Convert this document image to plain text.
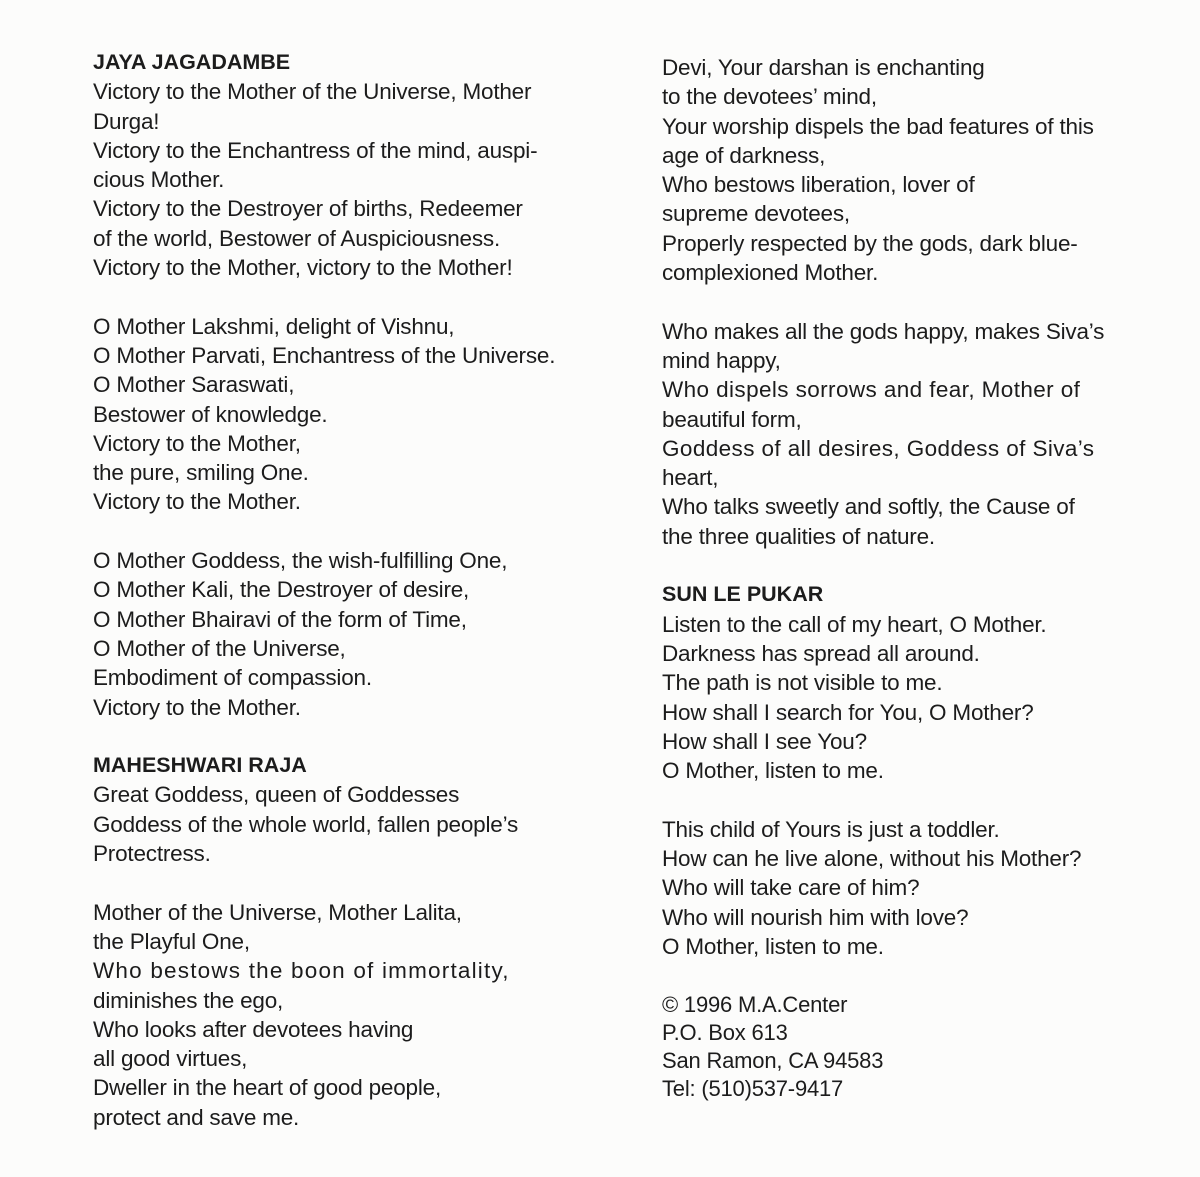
JAYA JAGADAMBE
Victory to the Mother of the Universe, Mother
Durga!
Victory to the Enchantress of the mind, auspi-
cious Mother.
Victory to the Destroyer of births, Redeemer
of the world, Bestower of Auspiciousness.
Victory to the Mother, victory to the Mother!
O Mother Lakshmi, delight of Vishnu,
O Mother Parvati, Enchantress of the Universe.
O Mother Saraswati,
Bestower of knowledge.
Victory to the Mother,
the pure, smiling One.
Victory to the Mother.
O Mother Goddess, the wish-fulfilling One,
O Mother Kali, the Destroyer of desire,
O Mother Bhairavi of the form of Time,
O Mother of the Universe,
Embodiment of compassion.
Victory to the Mother.
MAHESHWARI RAJA
Great Goddess, queen of Goddesses
Goddess of the whole world, fallen people’s
Protectress.
Mother of the Universe, Mother Lalita,
the Playful One,
Who bestows the boon of immortality,
diminishes the ego,
Who looks after devotees having
all good virtues,
Dweller in the heart of good people,
protect and save me.
Devi, Your darshan is enchanting
to the devotees’ mind,
Your worship dispels the bad features of this
age of darkness,
Who bestows liberation, lover of
supreme devotees,
Properly respected by the gods, dark blue-
complexioned Mother.
Who makes all the gods happy, makes Siva’s
mind happy,
Who dispels sorrows and fear, Mother of
beautiful form,
Goddess of all desires, Goddess of Siva’s
heart,
Who talks sweetly and softly, the Cause of
the three qualities of nature.
SUN LE PUKAR
Listen to the call of my heart, O Mother.
Darkness has spread all around.
The path is not visible to me.
How shall I search for You, O Mother?
How shall I see You?
O Mother, listen to me.
This child of Yours is just a toddler.
How can he live alone, without his Mother?
Who will take care of him?
Who will nourish him with love?
O Mother, listen to me.
© 1996 M.A.Center
P.O. Box 613
San Ramon, CA 94583
Tel: (510)537-9417
